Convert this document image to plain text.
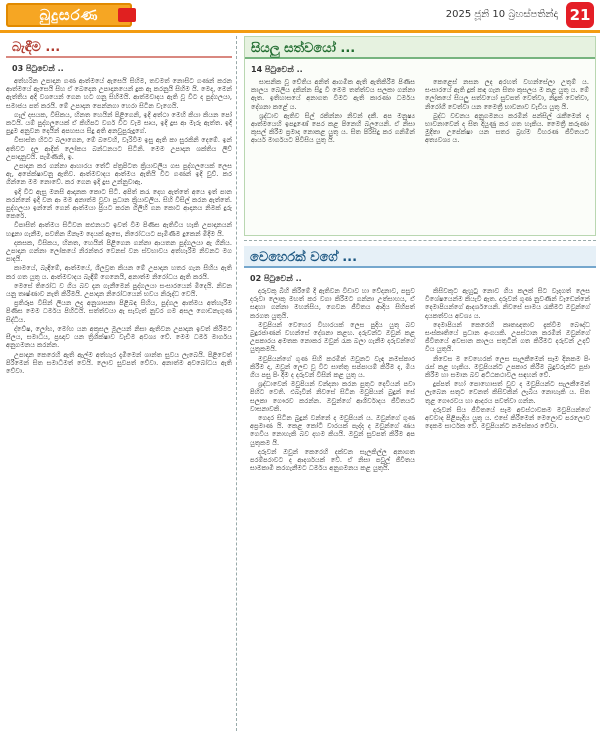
බුදුසරණ	2025 ජූනි 10 බ්‍රහස්පතින්දා 21
බැඳීම ...
03 පිටුවෙන් ..

අත්හරින උපාදාන ගණ ආත්මයේ ඇසෙයි සිහිම, තවමත් නොසිට ගණන් කරන ආත්මයේ ඇසෙයි සිහ ඒ බෙදෙන උපාදානයෙන් දුක ඇ කරනුයි සිහිම යි. මෙද, මෙන් ඇත්තිය අදි වශයෙන් ගෙන හට ගනු සිහිමයි. ආත්මවාදය ඇති වූ විට ද පුද්ගලයා, සමාජය පත් කරයි. මේ උපාදාන පෙන්නගා හෙරා සිටින වැගෙයි.

ගැල් දසයක, විසිකය, හිනත හෙයින් පිළිගෙනි, ඉදි අත්ථා මෙහි කියා කියන පෝ කටයි. යම් පුද්ගලයෙක් ඒ කිහිපට වර්ග වීට වැම සෘය, ඉදි දුස ආ මැරු ඇත්ත. ඉදි පුදුම අනුවන දෙයින් අපහසය සිදු අති අනවුපුරුදුගේ.

විසාස්ත හිටට බලාගෙන, මේ බවෙහි, වැරිවීම ඉසු ඇති කා සුරකිනි දෙමේ. ඉන් අතිවට දල ආදින් ලෝකය බන්ධනයට සිටිනි. මෙම උපාදාන ශක්තිය ලිව් උපාදානුවයි. පැමිණිනි, ඉ.

උපාදාන කර ගන්නා ආහාරය තේට් ප්ත්‍රපිටත ක්‍රියාවලිය ගස පුද්ගලයෙක් ලෙස ඇ, අපේක්ෂාවනු ඇතිව. ආත්මවාදය ආත්මය ඇතියි වීට ගණන් ඉදි වුව්. කර ගින්නෙ මම නොවේ. කර ගෙන ඉදි දුස උන්නුවාඇ.

ඉදි විට ඇසු මනසි ආදානක කොට සිටි. අපිත් කරැ දෙහ ඇත්තේ අයෙ ඉත් පාන කරන්නේ ඉදි වන ආ මම අනාත්ම වූවා ප්‍රධාන ක්‍රියාවලිය. සිහි විසිල් කරන ඇත්තේ. පුද්ගලයා ඉන්නේ ගෙන් ආත්මයා ප්‍රියට කරන ගිලිහි ගන කොට ආදානය නිමක් දුරු කෙරේ.

විපාසිත් ආත්මය සිටිවන කළුනයට ඉවත් වීම පිණිස ඇතිවිය හැකි උපාදානයන් හඳුනා ගැනීම, පවතින ඕනෑම දෙයක් ඇසෙ, නිරෝධයට පැමිණීම දුකෙන් මිදීම යි.

දකසක, විසිකය, හිනත, හෙයින් පිළිගෙන ගන්නා ආයතන පුද්ගලයා ඇ ගිනිය. උපාදාන ගන්නා ලෝකයේ නිරන්තර වෙනස් වන ස්වභාවය අත්හැරීම නිවනට මග පාදයි.

කාමයේ, බැඳීමේ, ආත්මයේ, ශීලව්‍රත කියන මේ උපාදාන හතර ගැන සිහිය ඇති කර ගත යුතු ය. ආත්මවාදය බැඳීම් ගෙනෙයි, අනාත්ම නිරෝධය ඇති කරයි.

මෙසේ තිරෝධ ව ගිය බව දැන ගැනීමෙන් පුද්ගලයා සංසාරයෙන් මිදෙයි. නිවන යනු තෘෂ්ණාව නැති කිරීමයි. උපාදාන නිරෝධයෙන් භවය නිරුද්ධ වෙයි.

ප්‍රතිරූප විසින් ලියන ලද අනුශාසනා පිළිබඳ සිහිය, පුද්ගල ආත්මය අත්හැරීම පිණිස මෙම ධර්මය පිහිටයි. සත්ත්වයා ඇ සැවැත් නුවර ගම අසල ගොඩනැගුණ සිද්ධිය.

ද්වේෂ, ලෝභ, මෝහ යන අකුසල මූලයන් නිසා ඇතිවන උපාදාන ඉවත් කිරීමට සීලය, සමාධිය, ප්‍රඥාව යන ත්‍රිශික්ෂාව වැඩීම අවශ්‍ය වේ. මෙම ධර්ම මාර්ගය අනුගමනය කරන්න.

උපාදාන කෙරෙහි ඇති ඇල්ම අත්හැර දැමීමෙන් ශාන්ත සුවය ලැබෙයි. පිළිවෙත් පිරීමෙන් සිත සමාධිමත් වෙයි. ලොව සුවපත් වේවා. අනාත්ම අවබෝධය ඇති වේවා.

සියලු සත්වයෝ ...
14 පිටුවෙන් ..

සාසනික වූ චේතිය අනිත් ආගමික ඇති ඇතිකිරීම පිණිස කාලය බෙලිය දකින්න සිදු වී මෙම තත්ත්වය සලකා ගන්නා ඇත. ඉතිහාසයේ අනාගත විමට ඇති කාරණා ධර්මය දේශනා කළේ ය.

ශ්‍රද්ධාව ඇතිව සිල් රකින්නා නිවන් දකී. අප මනුෂ්‍ය ආත්මයෙහි ඉපදුණේ පෙර කළ පිනෙහි බලයෙනි. ඒ නිසා කුසල් කිරීම ප්‍රමාද නොකළ යුතු ය. සිත පිරිසිදු කර ගනිමින් ආර්ය මාර්ගයට පිවිසිය යුතු යි.

කෙළෙස් නසන ලද අරහත් වහන්සේලා උතුම් ය. සංසාරයේ ඇති දුක් කඳ ගැන සිතා කුසලය ම කළ යුතු ය. මේ ලෝකයේ සියලු සත්වයෝ සුවපත් වෙත්වා, නිදුක් වෙත්වා, නිරෝගී වෙත්වා යන මෛත්‍රී භාවනාව වැඩිය යුතු යි.

බුද්ධ වචනය අනුගමනය කරමින් පන්සිල් රැකීමෙන් ද භාවනාවෙන් ද සිත දියුණු කර ගත හැකිය. මෛත්‍රී කරුණා මුදිතා උපේක්ෂා යන සතර බ්‍රහ්ම විහරණ ජීවිතයට අත්‍යවශ්‍ය ය.

වෙහෙරක් වගේ ...
02 පිටුවෙන් ..

දරුවකු බිහි කිරීමේ දී ඇතිවන විඩාව හා වේදනාව, පසුව දරුවා ලොකු මහත් කර වගා කිරීමට ගන්නා උත්සාහය, ඒ සඳහා ගන්නා මහන්සිය, ගෙවන ජීවිතය ආදිය සිහිපත් කරගත යුතුයි.

මවුපියන් වෙහෙර විහාරයක් ලෙස පුදිය යුතු බව බුදුරජාණන් වහන්සේ දේශනා කළහ. දරුවන්ට ඔවුන් කළ උපකාරය අමතක නොකර ඔවුන් රැක බලා ගැනීම දරුවන්ගේ යුතුකමයි.

මවුපියන්ගේ ගුණ සිහි කරමින් ඔවුනට වැඳ නමස්කාර කිරීම ද, ඔවුන් ලෙඩ වූ විට සාත්තු සප්පායම් කිරීම ද, මිය ගිය පසු පිං දීම ද දරුවන් විසින් කළ යුතු ය.

ශ්‍රද්ධාවෙන් මවුපියන් වන්දනා කරන පුතුට දෙවියන් පවා පිහිට වෙති. එබැවින් නිවසේ සිටින මවුපියන් බුදුන් සේ සලකා ගෞරව කරන්න. ඔවුන්ගේ ආශිර්වාදය ජීවිතයට වාසනාවකි.

ගෙදර සිටින බුදුන් වන්නේ ද මවුපියන් ය. ඔවුන්ගේ ගුණ අප්‍රමාණ යි. කෙළ කෝටි වාරයක් පැද්ද ද ඔවුන්ගේ ණය ගෙවිය නොහැකි බව දහම කියයි. ඔවුන් සුවපත් කිරීම අප යුතුකම යි.

දරුවන් ඔවුන් කෙරෙහි දක්වන සැලකිල්ල අනාගත පරම්පරාවට ද ආදර්ශයක් වේ. ඒ නිසා පවුල් ජීවිතය සාමකාමී කරගැනීමට ධර්මය අනුගමනය කළ යුතුයි.

කිසිවකුට ඇහුටු නොව ගිය කලක් සිට වැදගත් ලෙස විශේෂයෙන්ම කියැවී ඇත. දරුවන් ගුණ නුවණින් වැඩෙන්නේ දෙමාපියන්ගේ ආදර්ශයෙනි. නිවසේ සාමය රැකීමට ඔවුන්ගේ දායකත්වය අවශ්‍ය ය.

දෙමාපියන් කෙරෙහි කෘතඥතාව දැක්වීම බෞද්ධ සංස්කෘතියේ ප්‍රධාන අංගයකි. උපස්ථාන කරමින් ඔවුන්ගේ ජීවිතයේ අවසාන කාලය සතුටින් ගත කිරීමට දරුවන් උදව් විය යුතුයි.

නිවෙස ම වෙහෙරක් ලෙස සැලකීමෙන් සෑම දිනකම පිං රැස් කළ හැකිය. මවුපියන්ට උපකාර කිරීම බුදුවරුන්ට පූජා කිරීම හා සමාන බව අට්ඨකථාවල සඳහන් වේ.

දුප්පත් හෝ පොහොසත් වුව ද මවුපියන්ට සැලකීමෙන් ලැබෙන සතුට වෙනත් කිසිවකින් ලැබිය නොහැකි ය. සිත තුළ ගෞරවය හා ආදරය පවත්වා ගන්න.

දරුවන් සිය ජීවිතයේ සෑම අවස්ථාවකම මවුපියන්ගේ අවවාද පිළිපැදිය යුතු ය. එසේ කිරීමෙන් මෙලොව පරලොව දෙකම සාර්ථක වේ. මවුපියන්ට නමස්කාර වේවා.
